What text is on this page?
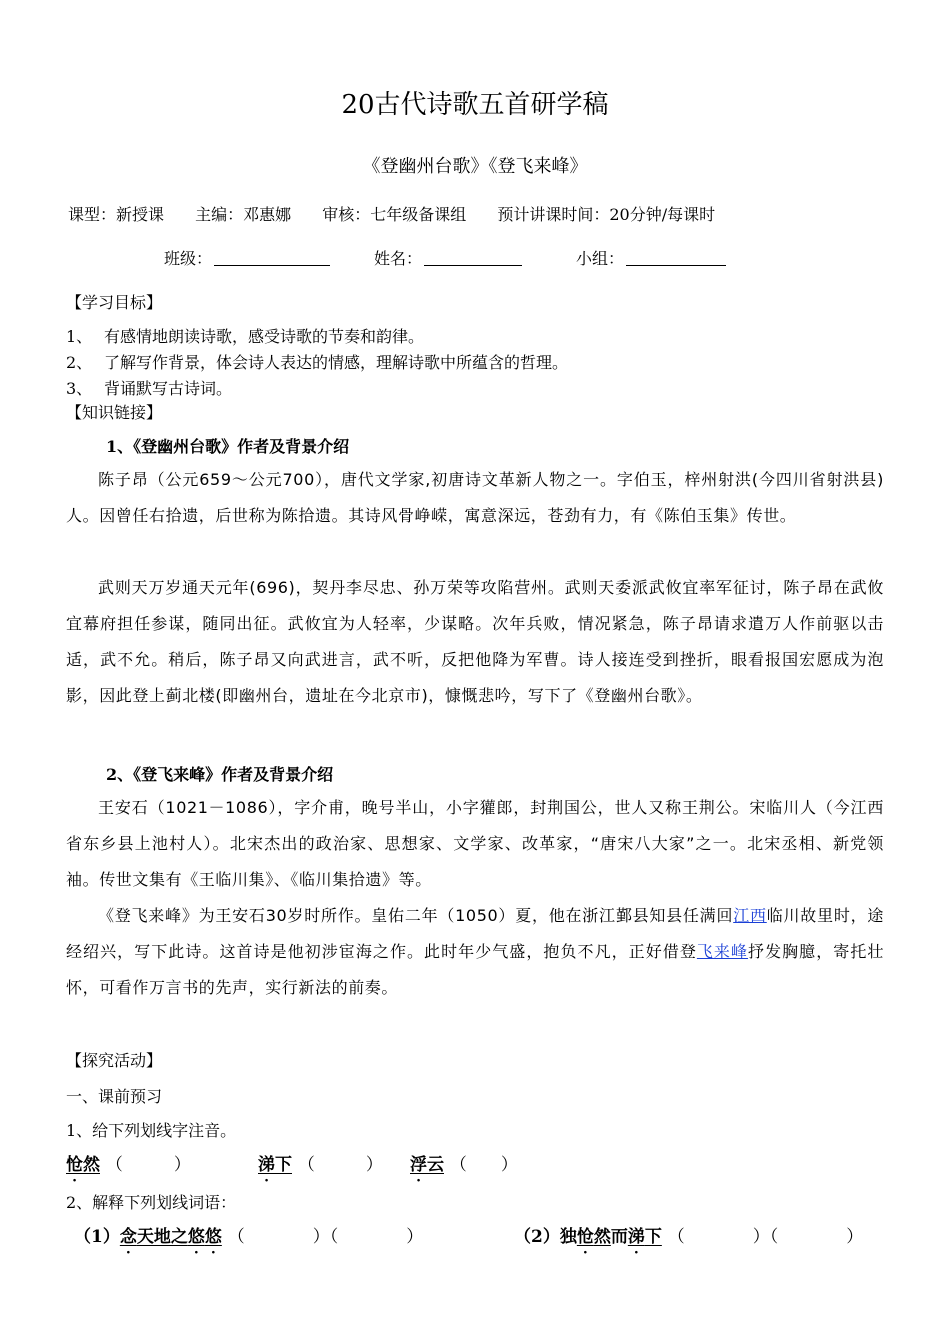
20古代诗歌五首研学稿
《登幽州台歌》《登飞来峰》
课型：新授课 主编：邓惠娜 审核：七年级备课组 预计讲课时间：20分钟/每课时
班级：	姓名：	小组：
【学习目标】
1、 有感情地朗读诗歌，感受诗歌的节奏和韵律。
2、 了解写作背景，体会诗人表达的情感，理解诗歌中所蕴含的哲理。
3、 背诵默写古诗词。
【知识链接】
1、《登幽州台歌》作者及背景介绍
陈子昂（公元659～公元700），唐代文学家,初唐诗文革新人物之一。字伯玉，梓州射洪(今四川省射洪县)人。因曾任右拾遗，后世称为陈拾遗。其诗风骨峥嵘，寓意深远，苍劲有力，有《陈伯玉集》传世。
武则天万岁通天元年(696)，契丹李尽忠、孙万荣等攻陷营州。武则天委派武攸宜率军征讨，陈子昂在武攸宜幕府担任参谋，随同出征。武攸宜为人轻率，少谋略。次年兵败，情况紧急，陈子昂请求遣万人作前驱以击适，武不允。稍后，陈子昂又向武进言，武不听，反把他降为军曹。诗人接连受到挫折，眼看报国宏愿成为泡影，因此登上蓟北楼(即幽州台，遗址在今北京市)，慷慨悲吟，写下了《登幽州台歌》。
2、《登飞来峰》作者及背景介绍
王安石（1021－1086），字介甫，晚号半山，小字獾郎，封荆国公，世人又称王荆公。宋临川人（今江西省东乡县上池村人）。北宋杰出的政治家、思想家、文学家、改革家，“唐宋八大家”之一。北宋丞相、新党领袖。传世文集有《王临川集》、《临川集拾遗》等。
《登飞来峰》为王安石30岁时所作。皇佑二年（1050）夏，他在浙江鄞县知县任满回江西临川故里时，途经绍兴，写下此诗。这首诗是他初涉宦海之作。此时年少气盛，抱负不凡，正好借登飞来峰抒发胸臆，寄托壮怀，可看作万言书的先声，实行新法的前奏。
【探究活动】
一、课前预习
1、给下列划线字注音。
怆然 （　　　）	涕下 （　　　） 浮云 （　　）
2、解释下列划线词语：
（1）念天地之悠悠 （　　　　）（　　　　）	（2）独怆然而涕下 （　　　　）（　　　　）
